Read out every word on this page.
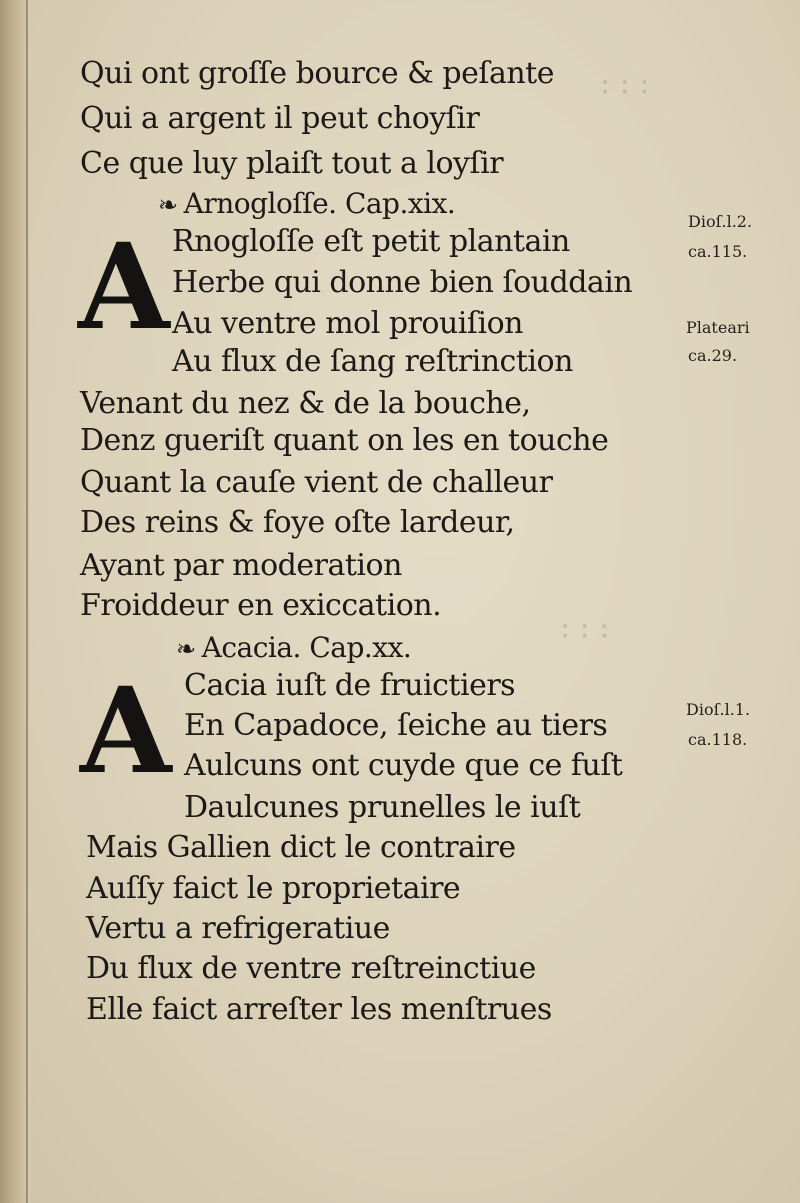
: : :
: : :
Qui ont groſſe bource & peſante
Qui a argent il peut choyſir
Ce que luy plaiſt tout a loyſir
❧ Arnogloſſe. Cap.xix.
A Rnogloſſe eſt petit plantain
Herbe qui donne bien ſouddain
Au ventre mol prouiſion
Au flux de ſang reſtrinction
Venant du nez & de la bouche,
Denz gueriſt quant on les en touche
Quant la cauſe vient de challeur
Des reins & foye oſte lardeur,
Ayant par moderation
Froiddeur en exiccation.
❧ Acacia. Cap.xx.
A Cacia iuſt de fruictiers
En Capadoce, ſeiche au tiers
Aulcuns ont cuyde que ce fuſt
Daulcunes prunelles le iuſt
Mais Gallien dict le contraire
Auſſy faict le proprietaire
Vertu a refrigeratiue
Du flux de ventre reſtreinctiue
Elle faict arreſter les menſtrues
Dioſ.l.2.
ca.115.
Plateari
ca.29.
Dioſ.l.1.
ca.118.
